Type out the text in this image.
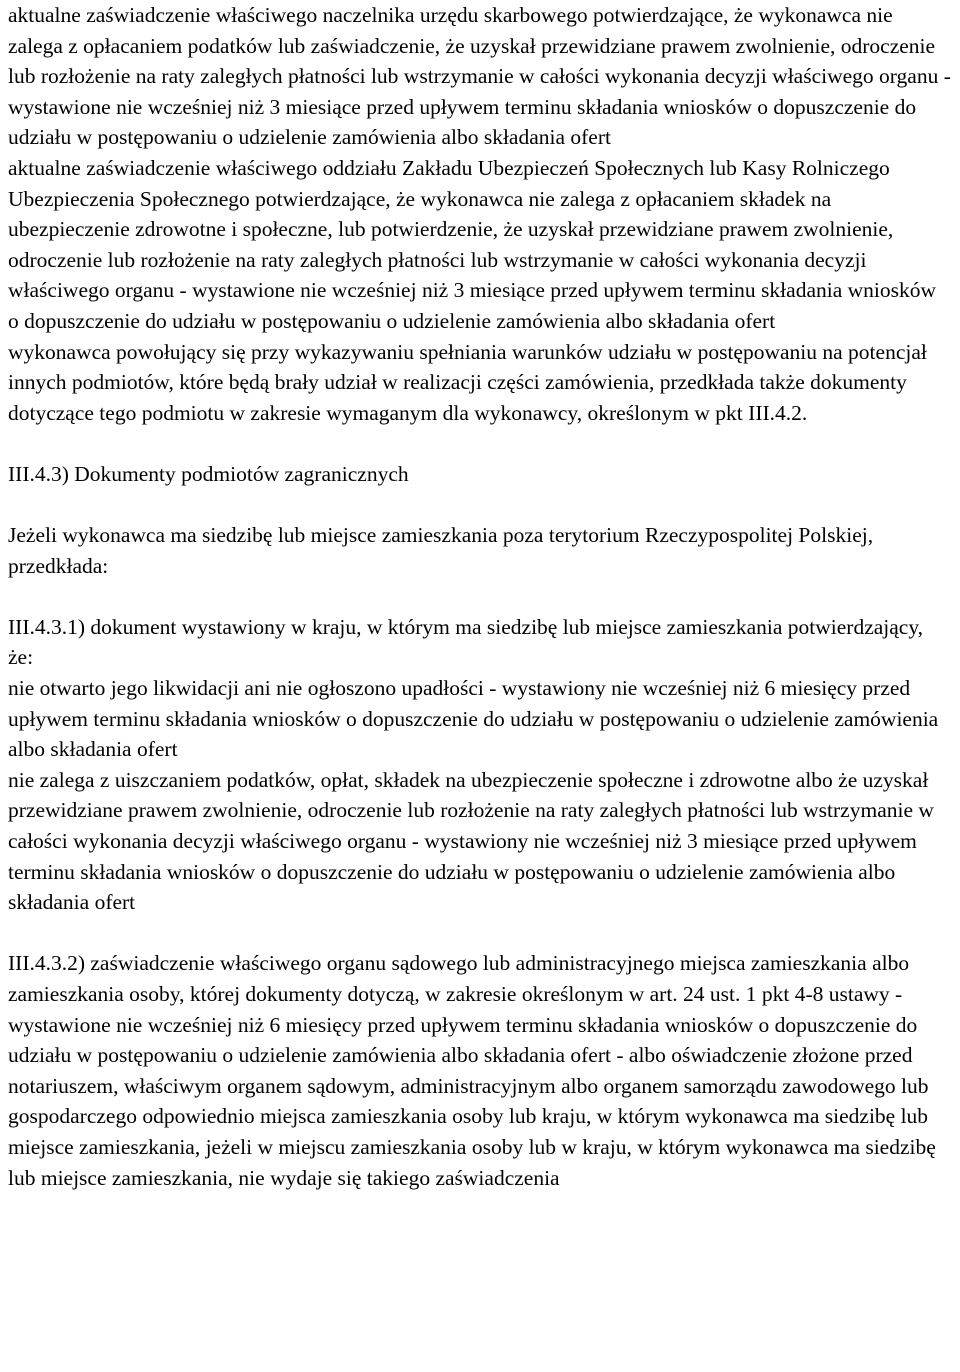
aktualne zaświadczenie właściwego naczelnika urzędu skarbowego potwierdzające, że wykonawca nie zalega z opłacaniem podatków lub zaświadczenie, że uzyskał przewidziane prawem zwolnienie, odroczenie lub rozłożenie na raty zaległych płatności lub wstrzymanie w całości wykonania decyzji właściwego organu - wystawione nie wcześniej niż 3 miesiące przed upływem terminu składania wniosków o dopuszczenie do udziału w postępowaniu o udzielenie zamówienia albo składania ofert

aktualne zaświadczenie właściwego oddziału Zakładu Ubezpieczeń Społecznych lub Kasy Rolniczego Ubezpieczenia Społecznego potwierdzające, że wykonawca nie zalega z opłacaniem składek na ubezpieczenie zdrowotne i społeczne, lub potwierdzenie, że uzyskał przewidziane prawem zwolnienie, odroczenie lub rozłożenie na raty zaległych płatności lub wstrzymanie w całości wykonania decyzji właściwego organu - wystawione nie wcześniej niż 3 miesiące przed upływem terminu składania wniosków o dopuszczenie do udziału w postępowaniu o udzielenie zamówienia albo składania ofert

wykonawca powołujący się przy wykazywaniu spełniania warunków udziału w postępowaniu na potencjał innych podmiotów, które będą brały udział w realizacji części zamówienia, przedkłada także dokumenty dotyczące tego podmiotu w zakresie wymaganym dla wykonawcy, określonym w pkt III.4.2.

III.4.3) Dokumenty podmiotów zagranicznych

Jeżeli wykonawca ma siedzibę lub miejsce zamieszkania poza terytorium Rzeczypospolitej Polskiej, przedkłada:

III.4.3.1) dokument wystawiony w kraju, w którym ma siedzibę lub miejsce zamieszkania potwierdzający, że:

nie otwarto jego likwidacji ani nie ogłoszono upadłości - wystawiony nie wcześniej niż 6 miesięcy przed upływem terminu składania wniosków o dopuszczenie do udziału w postępowaniu o udzielenie zamówienia albo składania ofert

nie zalega z uiszczaniem podatków, opłat, składek na ubezpieczenie społeczne i zdrowotne albo że uzyskał przewidziane prawem zwolnienie, odroczenie lub rozłożenie na raty zaległych płatności lub wstrzymanie w całości wykonania decyzji właściwego organu - wystawiony nie wcześniej niż 3 miesiące przed upływem terminu składania wniosków o dopuszczenie do udziału w postępowaniu o udzielenie zamówienia albo składania ofert

III.4.3.2) zaświadczenie właściwego organu sądowego lub administracyjnego miejsca zamieszkania albo zamieszkania osoby, której dokumenty dotyczą, w zakresie określonym w art. 24 ust. 1 pkt 4-8 ustawy - wystawione nie wcześniej niż 6 miesięcy przed upływem terminu składania wniosków o dopuszczenie do udziału w postępowaniu o udzielenie zamówienia albo składania ofert - albo oświadczenie złożone przed notariuszem, właściwym organem sądowym, administracyjnym albo organem samorządu zawodowego lub gospodarczego odpowiednio miejsca zamieszkania osoby lub kraju, w którym wykonawca ma siedzibę lub miejsce zamieszkania, jeżeli w miejscu zamieszkania osoby lub w kraju, w którym wykonawca ma siedzibę lub miejsce zamieszkania, nie wydaje się takiego zaświadczenia
